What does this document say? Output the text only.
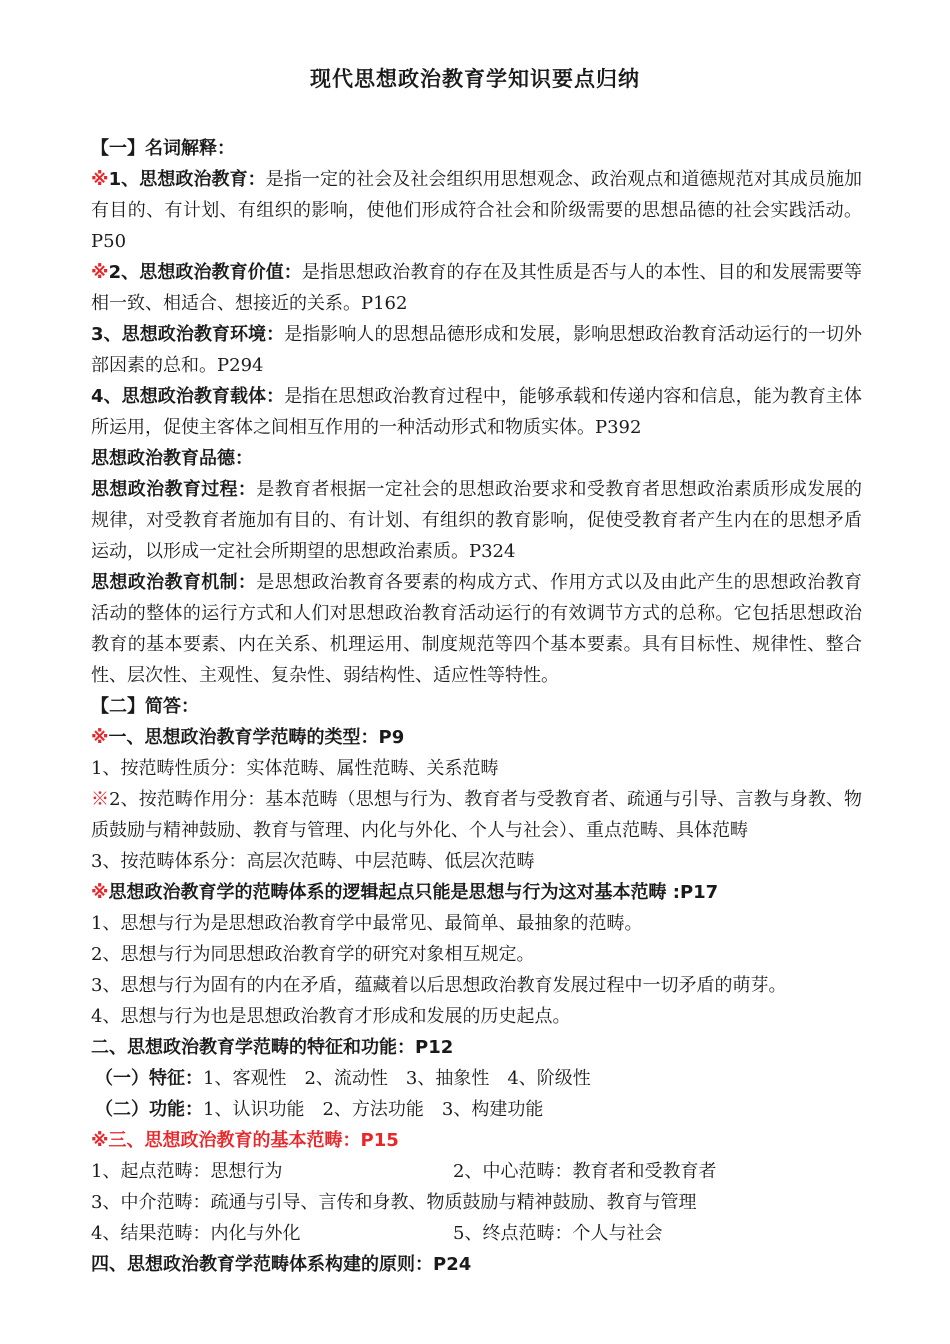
现代思想政治教育学知识要点归纳

【一】名词解释：

※1、思想政治教育：是指一定的社会及社会组织用思想观念、政治观点和道德规范对其成员施加有目的、有计划、有组织的影响，使他们形成符合社会和阶级需要的思想品德的社会实践活动。P50

※2、思想政治教育价值：是指思想政治教育的存在及其性质是否与人的本性、目的和发展需要等相一致、相适合、想接近的关系。P162

3、思想政治教育环境：是指影响人的思想品德形成和发展，影响思想政治教育活动运行的一切外部因素的总和。P294

4、思想政治教育载体：是指在思想政治教育过程中，能够承载和传递内容和信息，能为教育主体所运用，促使主客体之间相互作用的一种活动形式和物质实体。P392

思想政治教育品德：

思想政治教育过程：是教育者根据一定社会的思想政治要求和受教育者思想政治素质形成发展的规律，对受教育者施加有目的、有计划、有组织的教育影响，促使受教育者产生内在的思想矛盾运动，以形成一定社会所期望的思想政治素质。P324

思想政治教育机制：是思想政治教育各要素的构成方式、作用方式以及由此产生的思想政治教育活动的整体的运行方式和人们对思想政治教育活动运行的有效调节方式的总称。它包括思想政治教育的基本要素、内在关系、机理运用、制度规范等四个基本要素。具有目标性、规律性、整合性、层次性、主观性、复杂性、弱结构性、适应性等特性。

【二】简答：

※一、思想政治教育学范畴的类型：P9

1、按范畴性质分：实体范畴、属性范畴、关系范畴

※2、按范畴作用分：基本范畴（思想与行为、教育者与受教育者、疏通与引导、言教与身教、物质鼓励与精神鼓励、教育与管理、内化与外化、个人与社会）、重点范畴、具体范畴

3、按范畴体系分：高层次范畴、中层范畴、低层次范畴

※思想政治教育学的范畴体系的逻辑起点只能是思想与行为这对基本范畴 :P17

1、思想与行为是思想政治教育学中最常见、最简单、最抽象的范畴。

2、思想与行为同思想政治教育学的研究对象相互规定。

3、思想与行为固有的内在矛盾，蕴藏着以后思想政治教育发展过程中一切矛盾的萌芽。

4、思想与行为也是思想政治教育才形成和发展的历史起点。

二、思想政治教育学范畴的特征和功能：P12

（一）特征：1、客观性　2、流动性　3、抽象性　4、阶级性

（二）功能：1、认识功能　2、方法功能　3、构建功能

※三、思想政治教育的基本范畴：P15

1、起点范畴：思想行为	2、中心范畴：教育者和受教育者

3、中介范畴：疏通与引导、言传和身教、物质鼓励与精神鼓励、教育与管理

4、结果范畴：内化与外化	5、终点范畴：个人与社会

四、思想政治教育学范畴体系构建的原则：P24
